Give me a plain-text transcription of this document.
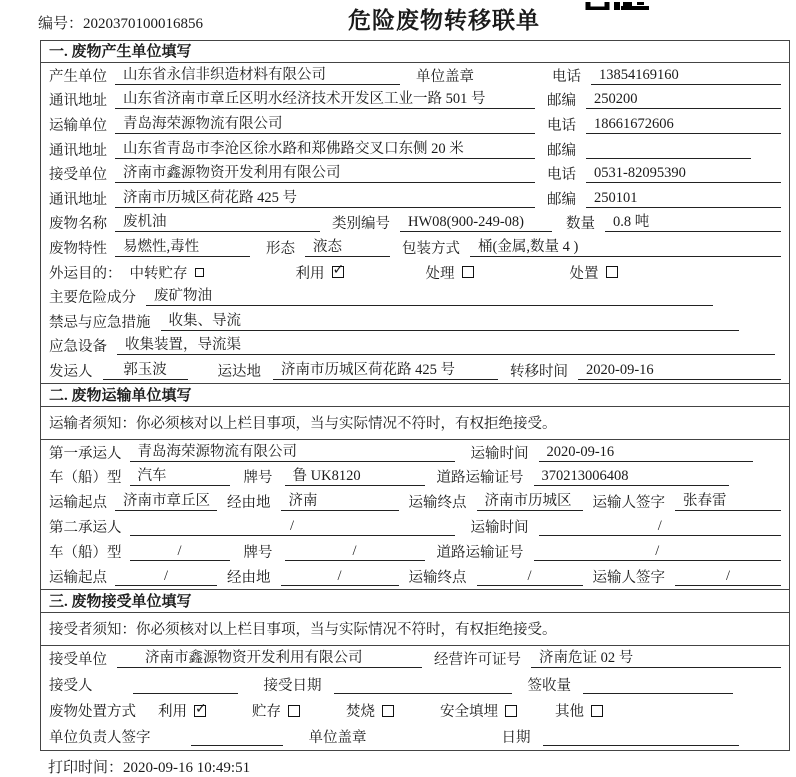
编号：2020370100016856	危险废物转移联单
一. 废物产生单位填写
产生单位	山东省永信非织造材料有限公司	单位盖章	电话	13854169160
通讯地址	山东省济南市章丘区明水经济技术开发区工业一路 501 号	邮编	250200
运输单位	青岛海荣源物流有限公司	电话	18661672606
通讯地址	山东省青岛市李沧区徐水路和郑佛路交叉口东侧 20 米	邮编
接受单位	济南市鑫源物资开发利用有限公司	电话	0531-82095390
通讯地址	济南市历城区荷花路 425 号	邮编	250101
废物名称	废机油	类别编号	HW08(900-249-08)	数量	0.8 吨
废物特性	易燃性,毒性	形态	液态	包装方式	桶(金属,数量 4 )
外运目的： 中转贮存	利用 ✓	处理	处置
主要危险成分	废矿物油
禁忌与应急措施	收集、导流
应急设备	收集装置，导流渠
发运人	郭玉波	运达地	济南市历城区荷花路 425 号	转移时间	2020-09-16
二. 废物运输单位填写
运输者须知：你必须核对以上栏目事项，当与实际情况不符时，有权拒绝接受。
第一承运人	青岛海荣源物流有限公司	运输时间	2020-09-16
车（船）型	汽车	牌号	鲁 UK8120	道路运输证号	370213006408
运输起点	济南市章丘区	经由地	济南	运输终点	济南市历城区	运输人签字	张春雷
第二承运人	/	运输时间	/
车（船）型	/	牌号	/	道路运输证号	/
运输起点	/	经由地	/	运输终点	/	运输人签字	/
三. 废物接受单位填写
接受者须知：你必须核对以上栏目事项，当与实际情况不符时，有权拒绝接受。
接受单位	济南市鑫源物资开发利用有限公司	经营许可证号	济南危证 02 号
接受人	接受日期	签收量
废物处置方式 利用 ✓	贮存	焚烧	安全填埋	其他
单位负责人签字	单位盖章	日期
打印时间：2020-09-16 10:49:51
